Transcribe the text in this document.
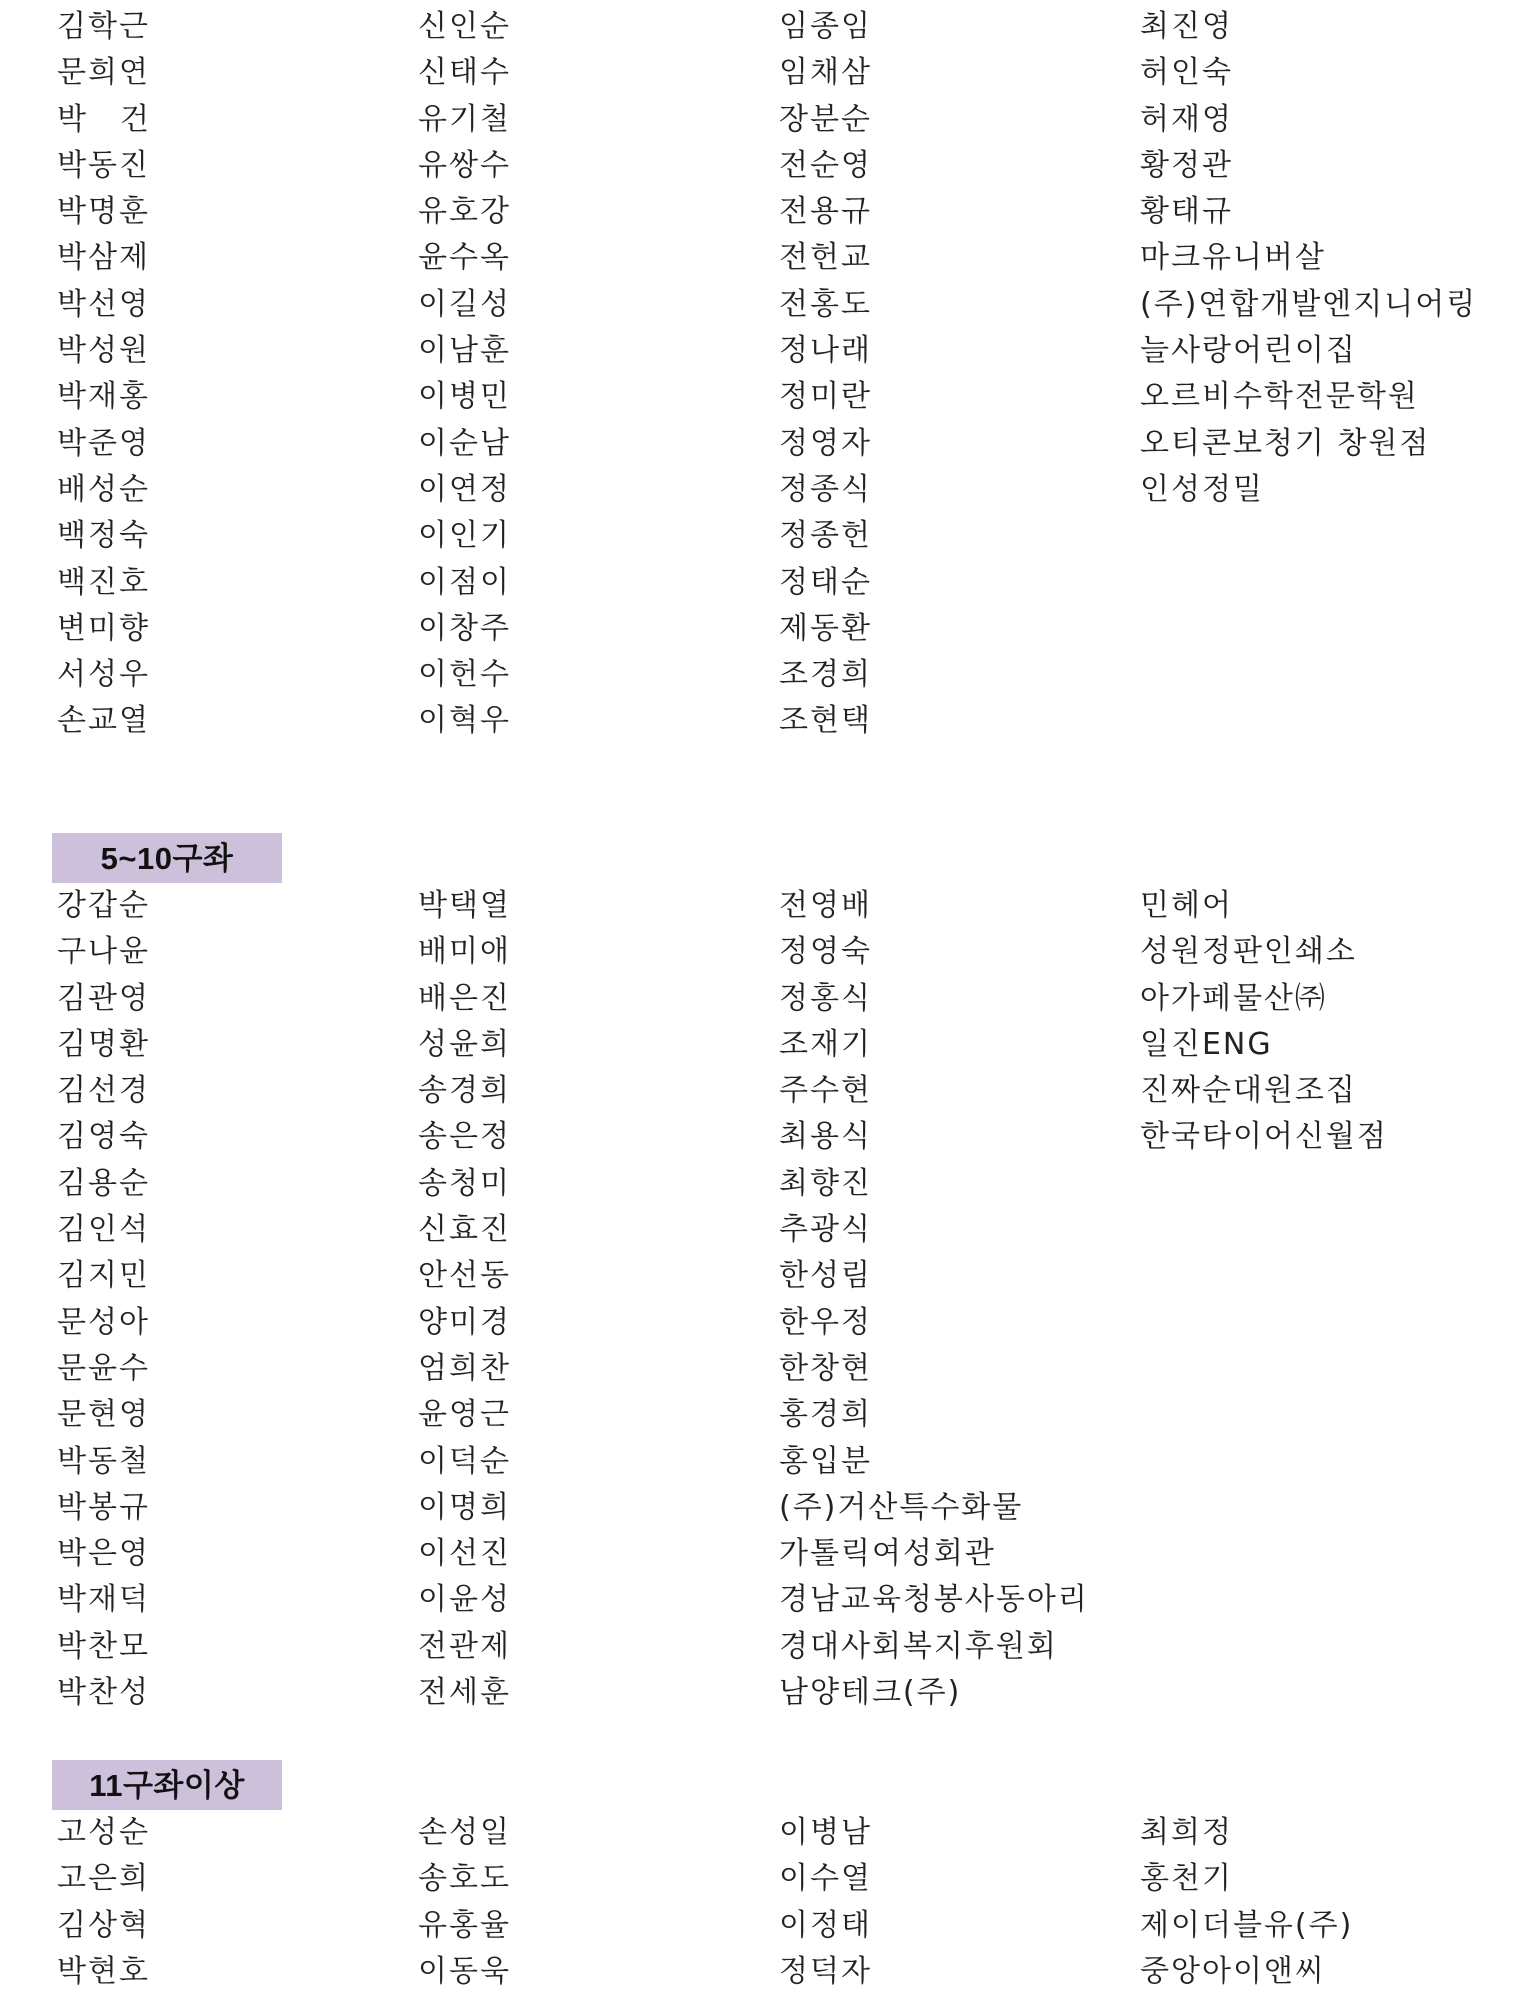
김학근	신인순	임종임	최진영
문희연	신태수	임채삼	허인숙
박　건	유기철	장분순	허재영
박동진	유쌍수	전순영	황정관
박명훈	유호강	전용규	황태규
박삼제	윤수옥	전헌교	마크유니버살
박선영	이길성	전홍도	(주)연합개발엔지니어링
박성원	이남훈	정나래	늘사랑어린이집
박재홍	이병민	정미란	오르비수학전문학원
박준영	이순남	정영자	오티콘보청기 창원점
배성순	이연정	정종식	인성정밀
백정숙	이인기	정종헌
백진호	이점이	정태순
변미향	이창주	제동환
서성우	이헌수	조경희
손교열	이혁우	조현택
5~10구좌
강갑순	박택열	전영배	민헤어
구나윤	배미애	정영숙	성원정판인쇄소
김관영	배은진	정홍식	아가페물산㈜
김명환	성윤희	조재기	일진ENG
김선경	송경희	주수현	진짜순대원조집
김영숙	송은정	최용식	한국타이어신월점
김용순	송청미	최향진
김인석	신효진	추광식
김지민	안선동	한성림
문성아	양미경	한우정
문윤수	엄희찬	한창현
문현영	윤영근	홍경희
박동철	이덕순	홍입분
박봉규	이명희	(주)거산특수화물
박은영	이선진	가톨릭여성회관
박재덕	이윤성	경남교육청봉사동아리
박찬모	전관제	경대사회복지후원회
박찬성	전세훈	남양테크(주)
11구좌이상
고성순	손성일	이병남	최희정
고은희	송호도	이수열	홍천기
김상혁	유홍율	이정태	제이더블유(주)
박현호	이동욱	정덕자	중앙아이앤씨
